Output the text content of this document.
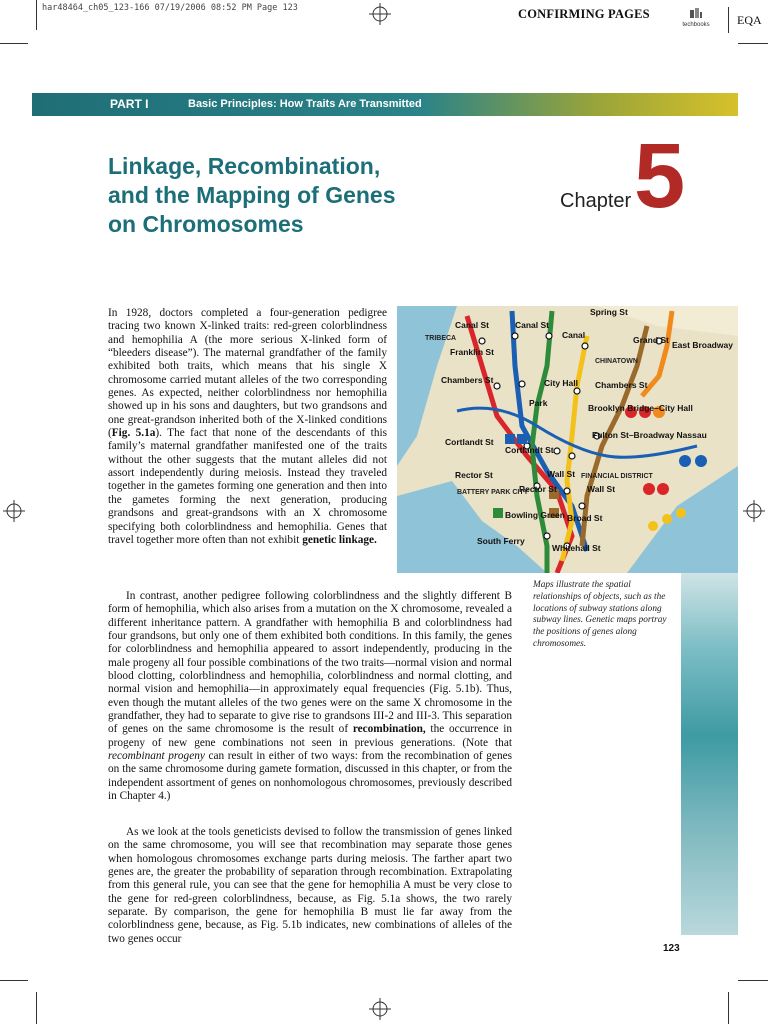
har48464_ch05_123-166 07/19/2006 08:52 PM Page 123	CONFIRMING PAGES
techbooks	EQA
PART I	Basic Principles: How Traits Are Transmitted
Linkage, Recombination,
and the Mapping of Genes
on Chromosomes
Chapter 5
In 1928, doctors completed a four-generation pedigree tracing two known X-linked traits: red-green colorblindness and hemophilia A (the more serious X-linked form of “bleeders disease”). The maternal grandfather of the family exhibited both traits, which means that his single X chromosome carried mutant alleles of the two corresponding genes. As expected, neither colorblindness nor hemophilia showed up in his sons and daughters, but two grandsons and one great-grandson inherited both of the X-linked conditions (Fig. 5.1a). The fact that none of the descendants of this family’s maternal grandfather manifested one of the traits without the other suggests that the mutant alleles did not assort independently during meiosis. Instead they traveled together in the gametes forming one generation and then into the gametes forming the next generation, producing grandsons and great-grandsons with an X chromosome specifying both colorblindness and hemophilia. Genes that travel together more often than not exhibit genetic linkage.
In contrast, another pedigree following colorblindness and the slightly different B form of hemophilia, which also arises from a mutation on the X chromosome, revealed a different inheritance pattern. A grandfather with hemophilia B and colorblindness had four grandsons, but only one of them exhibited both conditions. In this family, the genes for colorblindness and hemophilia appeared to assort independently, producing in the male progeny all four possible combinations of the two traits—normal vision and normal blood clotting, colorblindness and hemophilia, colorblindness and normal clotting, and normal vision and hemophilia—in approximately equal frequencies (Fig. 5.1b). Thus, even though the mutant alleles of the two genes were on the same X chromosome in the grandfather, they had to separate to give rise to grandsons III-2 and III-3. This separation of genes on the same chromosome is the result of recombination, the occurrence in progeny of new gene combinations not seen in previous generations. (Note that recombinant progeny can result in either of two ways: from the recombination of genes on the same chromosome during gamete formation, discussed in this chapter, or from the independent assortment of genes on nonhomologous chromosomes, previously described in Chapter 4.)
As we look at the tools geneticists devised to follow the transmission of genes linked on the same chromosome, you will see that recombination may separate those genes when homologous chromosomes exchange parts during meiosis. The farther apart two genes are, the greater the probability of separation through recombination. Extrapolating from this general rule, you can see that the gene for hemophilia A must be very close to the gene for red-green colorblindness, because, as Fig. 5.1a shows, the two rarely separate. By comparison, the gene for hemophilia B must lie far away from the colorblindness gene, because, as Fig. 5.1b indicates, new combinations of alleles of the two genes occur
Canal St
TRIBECA
Franklin St
Chambers St
Canal St
Canal
Spring St
Grand St East Broadway
CHINATOWN
Chambers St
City Hall
Brooklyn Bridge–City Hall
Fulton St–Broadway Nassau
Cortlandt St
Cortlandt St
Rector St	Wall St
Wall St
Rector St
Broad St
Bowling Green
South Ferry
Whitehall St
BATTERY PARK CITY
FINANCIAL DISTRICT
Park
Maps illustrate the spatial relationships of objects, such as the locations of subway stations along subway lines. Genetic maps portray the positions of genes along chromosomes.
123
